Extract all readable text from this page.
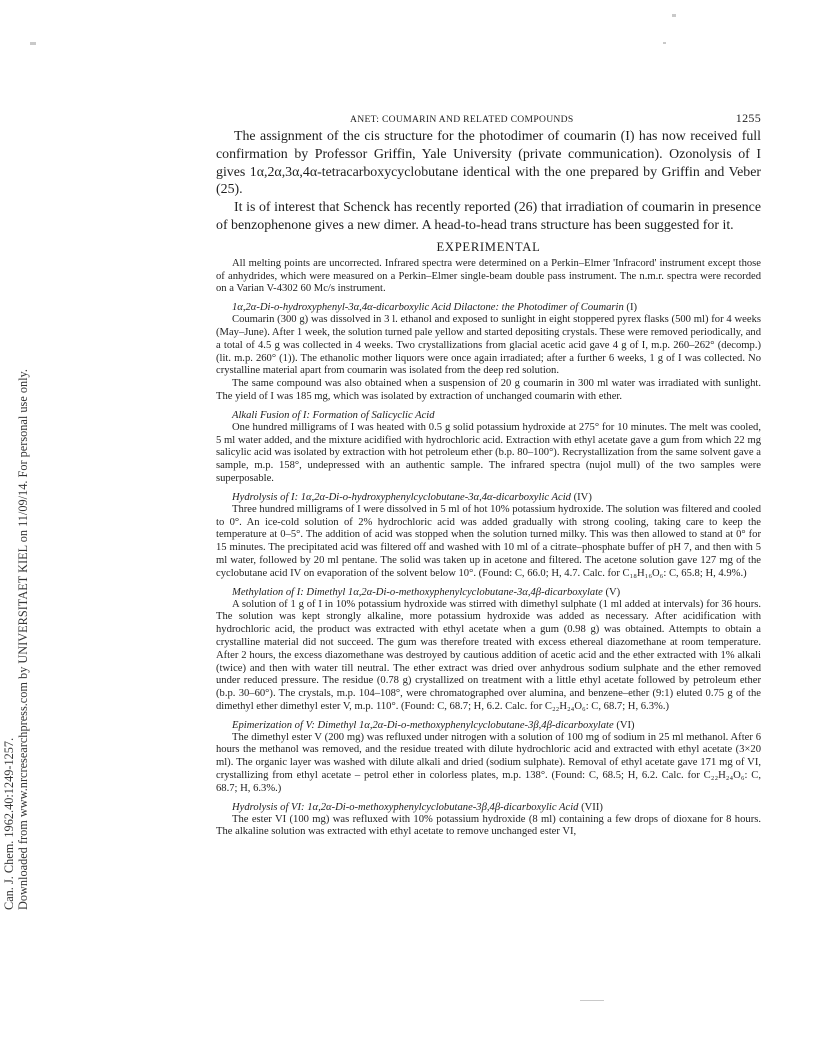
Can. J. Chem. 1962.40:1249-1257. Downloaded from www.nrcresearchpress.com by UNIVERSITAET KIEL on 11/09/14. For personal use only.
ANET: COUMARIN AND RELATED COMPOUNDS	1255

The assignment of the cis structure for the photodimer of coumarin (I) has now received full confirmation by Professor Griffin, Yale University (private communication). Ozonolysis of I gives 1α,2α,3α,4α-tetracarboxycyclobutane identical with the one prepared by Griffin and Veber (25).

It is of interest that Schenck has recently reported (26) that irradiation of coumarin in presence of benzophenone gives a new dimer. A head-to-head trans structure has been suggested for it.

EXPERIMENTAL

All melting points are uncorrected. Infrared spectra were determined on a Perkin–Elmer 'Infracord' instrument except those of anhydrides, which were measured on a Perkin–Elmer single-beam double pass instrument. The n.m.r. spectra were recorded on a Varian V-4302 60 Mc/s instrument.

1α,2α-Di-o-hydroxyphenyl-3α,4α-dicarboxylic Acid Dilactone: the Photodimer of Coumarin (I)

Coumarin (300 g) was dissolved in 3 l. ethanol and exposed to sunlight in eight stoppered pyrex flasks (500 ml) for 4 weeks (May–June). After 1 week, the solution turned pale yellow and started depositing crystals. These were removed periodically, and a total of 4.5 g was collected in 4 weeks. Two crystallizations from glacial acetic acid gave 4 g of I, m.p. 260–262° (decomp.) (lit. m.p. 260° (1)). The ethanolic mother liquors were once again irradiated; after a further 6 weeks, 1 g of I was collected. No crystalline material apart from coumarin was isolated from the deep red solution.

The same compound was also obtained when a suspension of 20 g coumarin in 300 ml water was irradiated with sunlight. The yield of I was 185 mg, which was isolated by extraction of unchanged coumarin with ether.

Alkali Fusion of I: Formation of Salicyclic Acid

One hundred milligrams of I was heated with 0.5 g solid potassium hydroxide at 275° for 10 minutes. The melt was cooled, 5 ml water added, and the mixture acidified with hydrochloric acid. Extraction with ethyl acetate gave a gum from which 22 mg salicylic acid was isolated by extraction with hot petroleum ether (b.p. 80–100°). Recrystallization from the same solvent gave a sample, m.p. 158°, undepressed with an authentic sample. The infrared spectra (nujol mull) of the two samples were superposable.

Hydrolysis of I: 1α,2α-Di-o-hydroxyphenylcyclobutane-3α,4α-dicarboxylic Acid (IV)

Three hundred milligrams of I were dissolved in 5 ml of hot 10% potassium hydroxide. The solution was filtered and cooled to 0°. An ice-cold solution of 2% hydrochloric acid was added gradually with strong cooling, taking care to keep the temperature at 0–5°. The addition of acid was stopped when the solution turned milky. This was then allowed to stand at 0° for 15 minutes. The precipitated acid was filtered off and washed with 10 ml of a citrate–phosphate buffer of pH 7, and then with 5 ml water, followed by 20 ml pentane. The solid was taken up in acetone and filtered. The acetone solution gave 127 mg of the cyclobutane acid IV on evaporation of the solvent below 10°. (Found: C, 66.0; H, 4.7. Calc. for C₁₈H₁₆O₆: C, 65.8; H, 4.9%.)

Methylation of I: Dimethyl 1α,2α-Di-o-methoxyphenylcyclobutane-3α,4β-dicarboxylate (V)

A solution of 1 g of I in 10% potassium hydroxide was stirred with dimethyl sulphate (1 ml added at intervals) for 36 hours. The solution was kept strongly alkaline, more potassium hydroxide was added as necessary. After acidification with hydrochloric acid, the product was extracted with ethyl acetate when a gum (0.98 g) was obtained. Attempts to obtain a crystalline material did not succeed. The gum was therefore treated with excess ethereal diazomethane at room temperature. After 2 hours, the excess diazomethane was destroyed by cautious addition of acetic acid and the ether extracted with 1% alkali (twice) and then with water till neutral. The ether extract was dried over anhydrous sodium sulphate and the ether removed under reduced pressure. The residue (0.78 g) crystallized on treatment with a little ethyl acetate followed by petroleum ether (b.p. 30–60°). The crystals, m.p. 104–108°, were chromatographed over alumina, and benzene–ether (9:1) eluted 0.75 g of the dimethyl ether dimethyl ester V, m.p. 110°. (Found: C, 68.7; H, 6.2. Calc. for C₂₂H₂₄O₆: C, 68.7; H, 6.3%.)

Epimerization of V: Dimethyl 1α,2α-Di-o-methoxyphenylcyclobutane-3β,4β-dicarboxylate (VI)

The dimethyl ester V (200 mg) was refluxed under nitrogen with a solution of 100 mg of sodium in 25 ml methanol. After 6 hours the methanol was removed, and the residue treated with dilute hydrochloric acid and extracted with ethyl acetate (3×20 ml). The organic layer was washed with dilute alkali and dried (sodium sulphate). Removal of ethyl acetate gave 171 mg of VI, crystallizing from ethyl acetate – petrol ether in colorless plates, m.p. 138°. (Found: C, 68.5; H, 6.2. Calc. for C₂₂H₂₄O₆: C, 68.7; H, 6.3%.)

Hydrolysis of VI: 1α,2α-Di-o-methoxyphenylcyclobutane-3β,4β-dicarboxylic Acid (VII)

The ester VI (100 mg) was refluxed with 10% potassium hydroxide (8 ml) containing a few drops of dioxane for 8 hours. The alkaline solution was extracted with ethyl acetate to remove unchanged ester VI,
